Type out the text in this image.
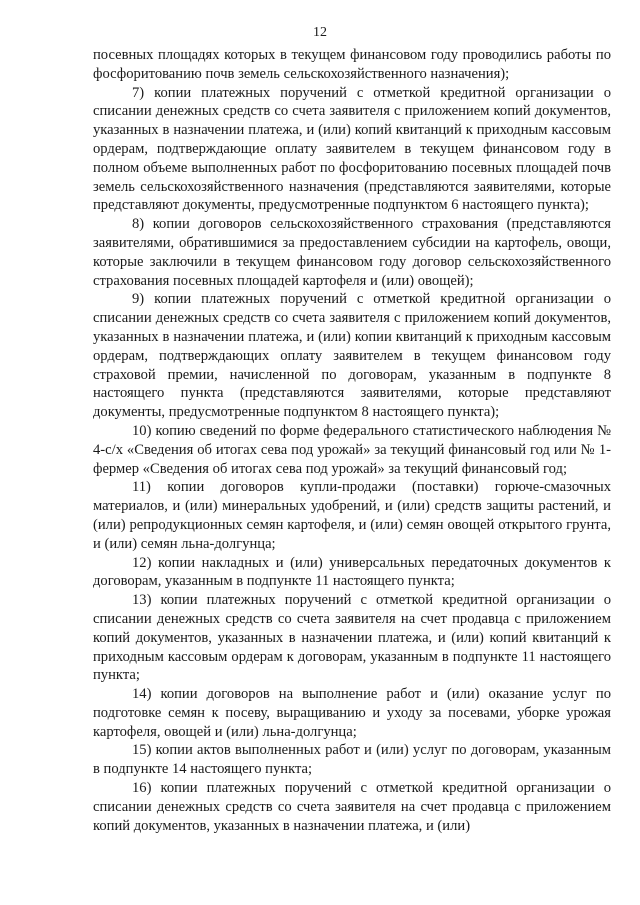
12

посевных площадях которых в текущем финансовом году проводились работы по фосфоритованию почв земель сельскохозяйственного назначения);

7) копии платежных поручений с отметкой кредитной организации о списании денежных средств со счета заявителя с приложением копий документов, указанных в назначении платежа, и (или) копий квитанций к приходным кассовым ордерам, подтверждающие оплату заявителем в текущем финансовом году в полном объеме выполненных работ по фосфоритованию посевных площадей почв земель сельскохозяйственного назначения (представляются заявителями, которые представляют документы, предусмотренные подпунктом 6 настоящего пункта);

8) копии договоров сельскохозяйственного страхования (представляются заявителями, обратившимися за предоставлением субсидии на картофель, овощи, которые заключили в текущем финансовом году договор сельскохозяйственного страхования посевных площадей картофеля и (или) овощей);

9) копии платежных поручений с отметкой кредитной организации о списании денежных средств со счета заявителя с приложением копий документов, указанных в назначении платежа, и (или) копии квитанций к приходным кассовым ордерам, подтверждающих оплату заявителем в текущем финансовом году страховой премии, начисленной по договорам, указанным в подпункте 8 настоящего пункта (представляются заявителями, которые представляют документы, предусмотренные подпунктом 8 настоящего пункта);

10) копию сведений по форме федерального статистического наблюдения № 4-с/х «Сведения об итогах сева под урожай» за текущий финансовый год или № 1-фермер «Сведения об итогах сева под урожай» за текущий финансовый год;

11) копии договоров купли-продажи (поставки) горюче-смазочных материалов, и (или) минеральных удобрений, и (или) средств защиты растений, и (или) репродукционных семян картофеля, и (или) семян овощей открытого грунта, и (или) семян льна-долгунца;

12) копии накладных и (или) универсальных передаточных документов к договорам, указанным в подпункте 11 настоящего пункта;

13) копии платежных поручений с отметкой кредитной организации о списании денежных средств со счета заявителя на счет продавца с приложением копий документов, указанных в назначении платежа, и (или) копий квитанций к приходным кассовым ордерам к договорам, указанным в подпункте 11 настоящего пункта;

14) копии договоров на выполнение работ и (или) оказание услуг по подготовке семян к посеву, выращиванию и уходу за посевами, уборке урожая картофеля, овощей и (или) льна-долгунца;

15) копии актов выполненных работ и (или) услуг по договорам, указанным в подпункте 14 настоящего пункта;

16) копии платежных поручений с отметкой кредитной организации о списании денежных средств со счета заявителя на счет продавца с приложением копий документов, указанных в назначении платежа, и (или)
